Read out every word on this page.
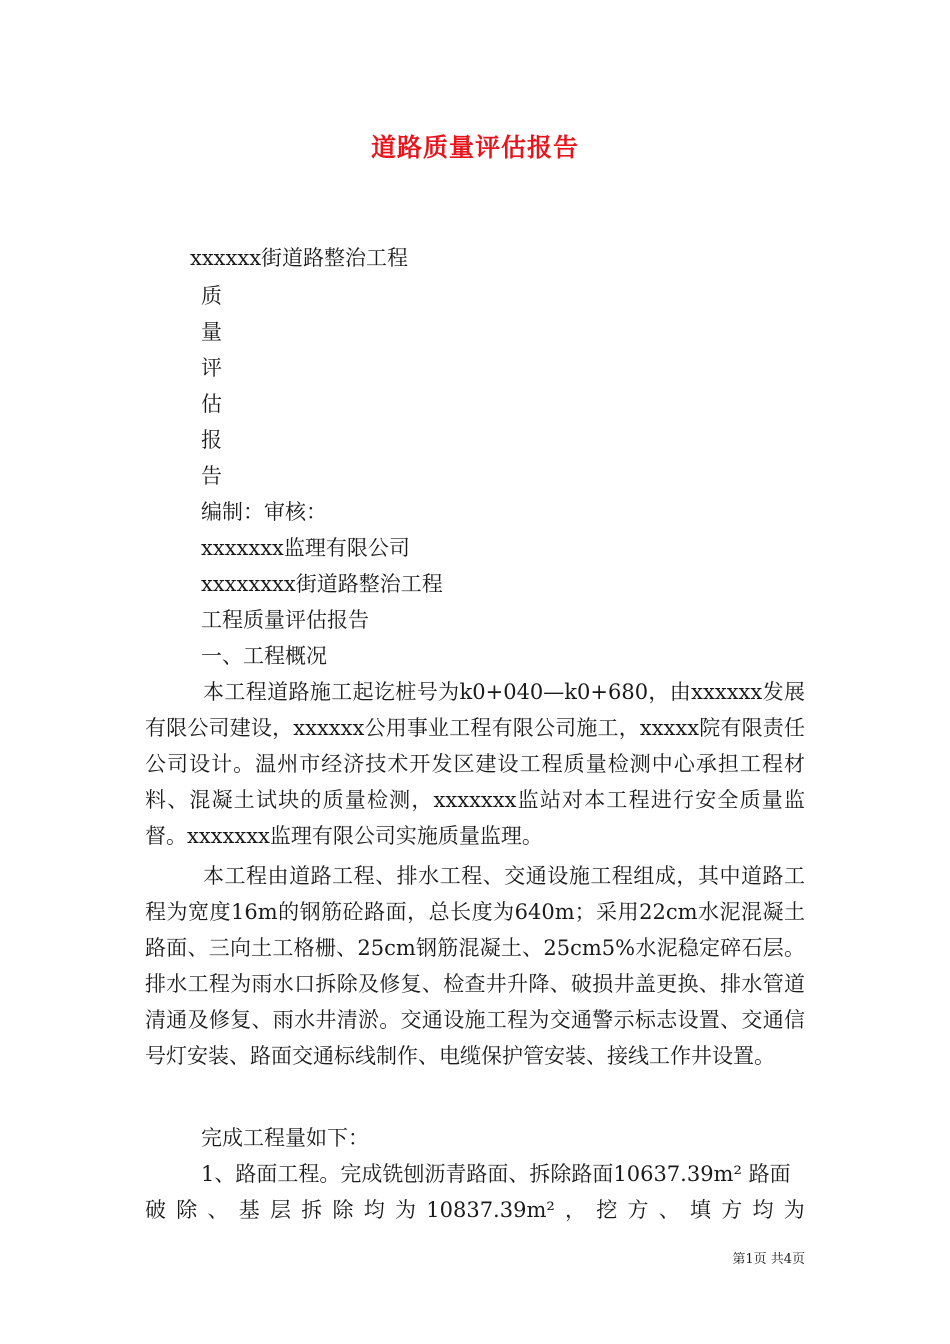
道路质量评估报告
xxxxxx街道路整治工程
质
量
评
估
报
告
编制：审核：
xxxxxxx监理有限公司
xxxxxxxx街道路整治工程
工程质量评估报告
一、工程概况

本工程道路施工起讫桩号为k0+040—k0+680，由xxxxxx发展有限公司建设，xxxxxx公用事业工程有限公司施工，xxxxx院有限责任公司设计。温州市经济技术开发区建设工程质量检测中心承担工程材料、混凝土试块的质量检测，xxxxxxx监站对本工程进行安全质量监督。xxxxxxx监理有限公司实施质量监理。

本工程由道路工程、排水工程、交通设施工程组成，其中道路工程为宽度16m的钢筋砼路面，总长度为640m；采用22cm水泥混凝土路面、三向土工格栅、25cm钢筋混凝土、25cm5%水泥稳定碎石层。排水工程为雨水口拆除及修复、检查井升降、破损井盖更换、排水管道清通及修复、雨水井清淤。交通设施工程为交通警示标志设置、交通信号灯安装、路面交通标线制作、电缆保护管安装、接线工作井设置。

完成工程量如下：
1、路面工程。完成铣刨沥青路面、拆除路面10637.39m² 路面
破 除 、 基 层 拆 除 均 为 10837.39m² ， 挖 方 、 填 方 均 为
第1页 共4页
